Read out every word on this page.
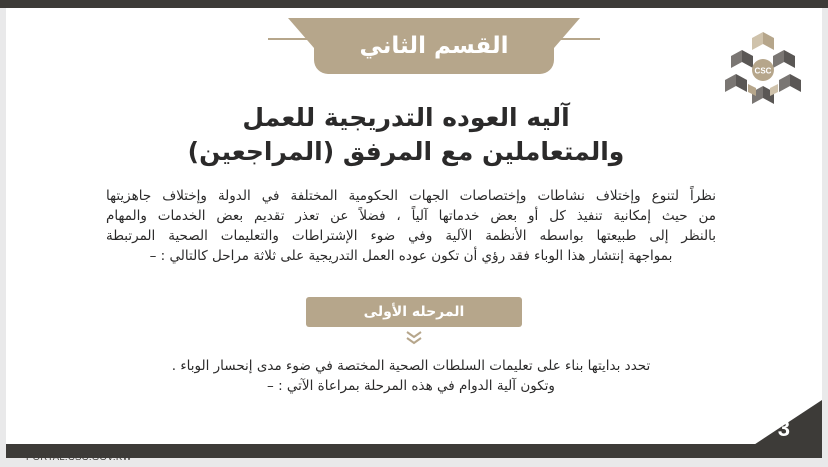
القسم الثاني
CSC
آليه العوده التدريجية للعمل
والمتعاملين مع المرفق (المراجعين)
نظراً لتنوع وإختلاف نشاطات وإختصاصات الجهات الحكومية المختلفة في الدولة وإختلاف جاهزيتها
من حيث إمكانية تنفيذ كل أو بعض خدماتها آلياً ، فضلاً عن تعذر تقديم بعض الخدمات والمهام
بالنظر إلى طبيعتها بواسطه الأنظمة الآلية وفي ضوء الإشتراطات والتعليمات الصحية المرتبطة
بمواجهة إنتشار هذا الوباء فقد رؤي أن تكون عوده العمل التدريجية على ثلاثة مراحل كالتالي : –
المرحله الأولى
تحدد بدايتها بناء على تعليمات السلطات الصحية المختصة في ضوء مدى إنحسار الوباء .
وتكون آلية الدوام في هذه المرحلة بمراعاة الآتي : –
3
PORTAL.CSC.GOV.KW
